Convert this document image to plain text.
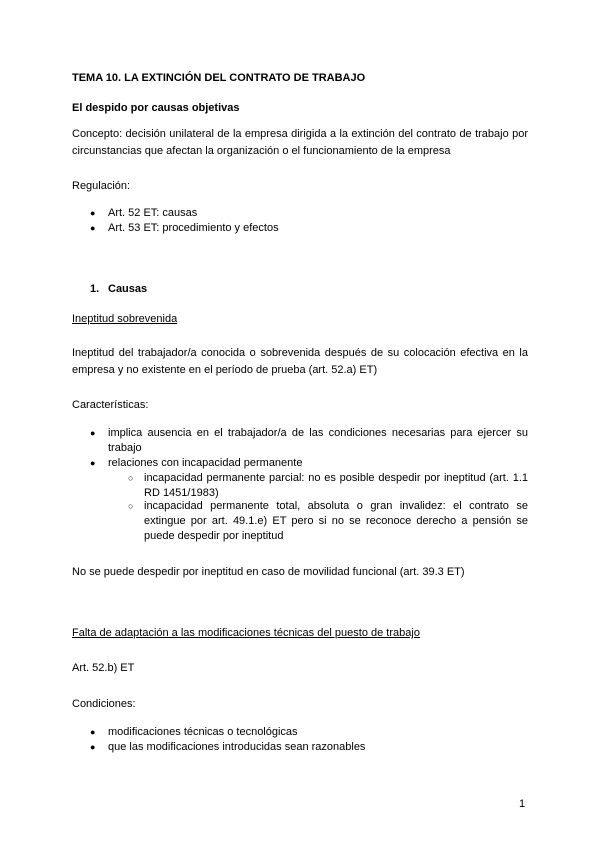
TEMA 10. LA EXTINCIÓN DEL CONTRATO DE TRABAJO
El despido por causas objetivas
Concepto: decisión unilateral de la empresa dirigida a la extinción del contrato de trabajo por circunstancias que afectan la organización o el funcionamiento de la empresa
Regulación:
● Art. 52 ET: causas
● Art. 53 ET: procedimiento y efectos
1. Causas
Ineptitud sobrevenida
Ineptitud del trabajador/a conocida o sobrevenida después de su colocación efectiva en la empresa y no existente en el período de prueba (art. 52.a) ET)
Características:
● implica ausencia en el trabajador/a de las condiciones necesarias para ejercer su trabajo
● relaciones con incapacidad permanente
○ incapacidad permanente parcial: no es posible despedir por ineptitud (art. 1.1 RD 1451/1983)
○ incapacidad permanente total, absoluta o gran invalidez: el contrato se extingue por art. 49.1.e) ET pero si no se reconoce derecho a pensión se puede despedir por ineptitud
No se puede despedir por ineptitud en caso de movilidad funcional (art. 39.3 ET)
Falta de adaptación a las modificaciones técnicas del puesto de trabajo
Art. 52.b) ET
Condiciones:
● modificaciones técnicas o tecnológicas
● que las modificaciones introducidas sean razonables
1
